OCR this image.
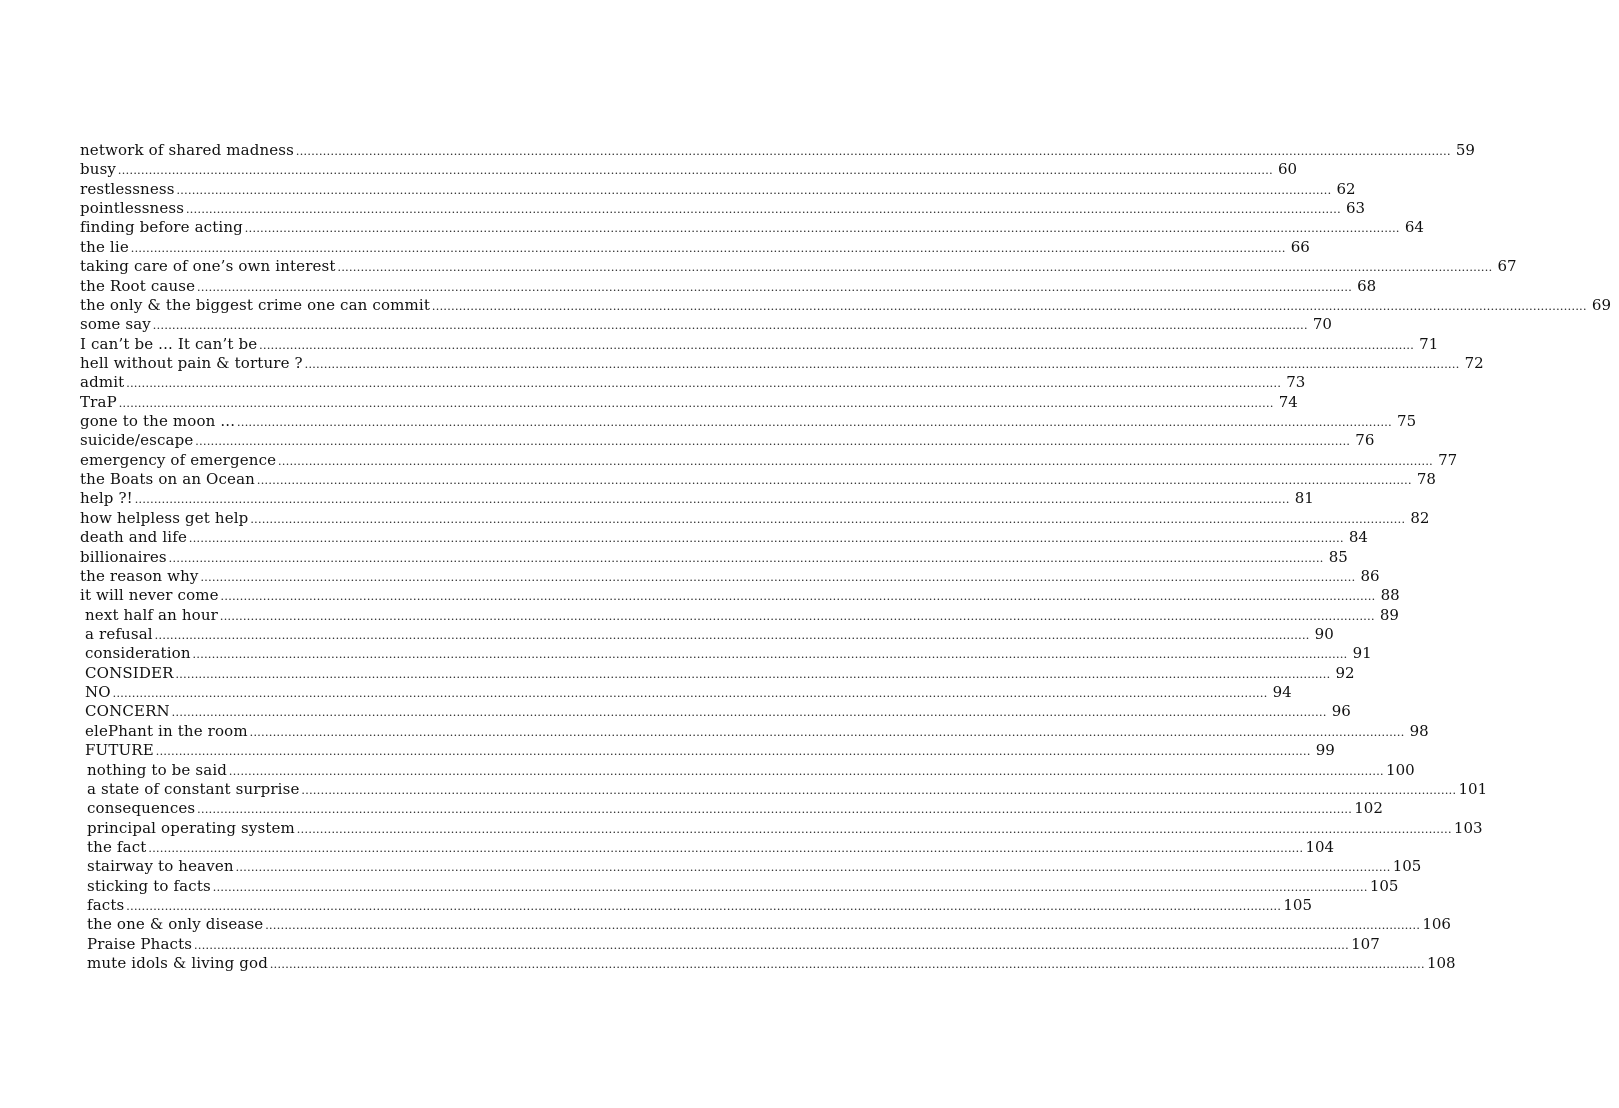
network of shared madness ............................................................................................................................................................................................................................................................................................................ 59
busy ............................................................................................................................................................................................................................................................................................................ 60
restlessness ............................................................................................................................................................................................................................................................................................................ 62
pointlessness ............................................................................................................................................................................................................................................................................................................ 63
finding before acting ............................................................................................................................................................................................................................................................................................................ 64
the lie ............................................................................................................................................................................................................................................................................................................ 66
taking care of one’s own interest ............................................................................................................................................................................................................................................................................................................ 67
the Root cause ............................................................................................................................................................................................................................................................................................................ 68
the only & the biggest crime one can commit ............................................................................................................................................................................................................................................................................................................ 69
some say ............................................................................................................................................................................................................................................................................................................ 70
I can’t be ... It can’t be ............................................................................................................................................................................................................................................................................................................ 71
hell without pain & torture ? ............................................................................................................................................................................................................................................................................................................ 72
admit ............................................................................................................................................................................................................................................................................................................ 73
TraP ............................................................................................................................................................................................................................................................................................................ 74
gone to the moon ... ............................................................................................................................................................................................................................................................................................................ 75
suicide/escape ............................................................................................................................................................................................................................................................................................................ 76
emergency of emergence ............................................................................................................................................................................................................................................................................................................ 77
the Boats on an Ocean ............................................................................................................................................................................................................................................................................................................ 78
help ?! ............................................................................................................................................................................................................................................................................................................ 81
how helpless get help ............................................................................................................................................................................................................................................................................................................ 82
death and life ............................................................................................................................................................................................................................................................................................................ 84
billionaires ............................................................................................................................................................................................................................................................................................................ 85
the reason why ............................................................................................................................................................................................................................................................................................................ 86
it will never come ............................................................................................................................................................................................................................................................................................................ 88
next half an hour ............................................................................................................................................................................................................................................................................................................ 89
a refusal ............................................................................................................................................................................................................................................................................................................ 90
consideration ............................................................................................................................................................................................................................................................................................................ 91
CONSIDER ............................................................................................................................................................................................................................................................................................................ 92
NO ............................................................................................................................................................................................................................................................................................................ 94
CONCERN ............................................................................................................................................................................................................................................................................................................ 96
elePhant in the room ............................................................................................................................................................................................................................................................................................................ 98
FUTURE ............................................................................................................................................................................................................................................................................................................ 99
nothing to be said ............................................................................................................................................................................................................................................................................................................ 100
a state of constant surprise ............................................................................................................................................................................................................................................................................................................ 101
consequences ............................................................................................................................................................................................................................................................................................................ 102
principal operating system ............................................................................................................................................................................................................................................................................................................ 103
the fact ............................................................................................................................................................................................................................................................................................................ 104
stairway to heaven ............................................................................................................................................................................................................................................................................................................ 105
sticking to facts ............................................................................................................................................................................................................................................................................................................ 105
facts ............................................................................................................................................................................................................................................................................................................ 105
the one & only disease ............................................................................................................................................................................................................................................................................................................ 106
Praise Phacts ............................................................................................................................................................................................................................................................................................................ 107
mute idols & living god ............................................................................................................................................................................................................................................................................................................ 108
